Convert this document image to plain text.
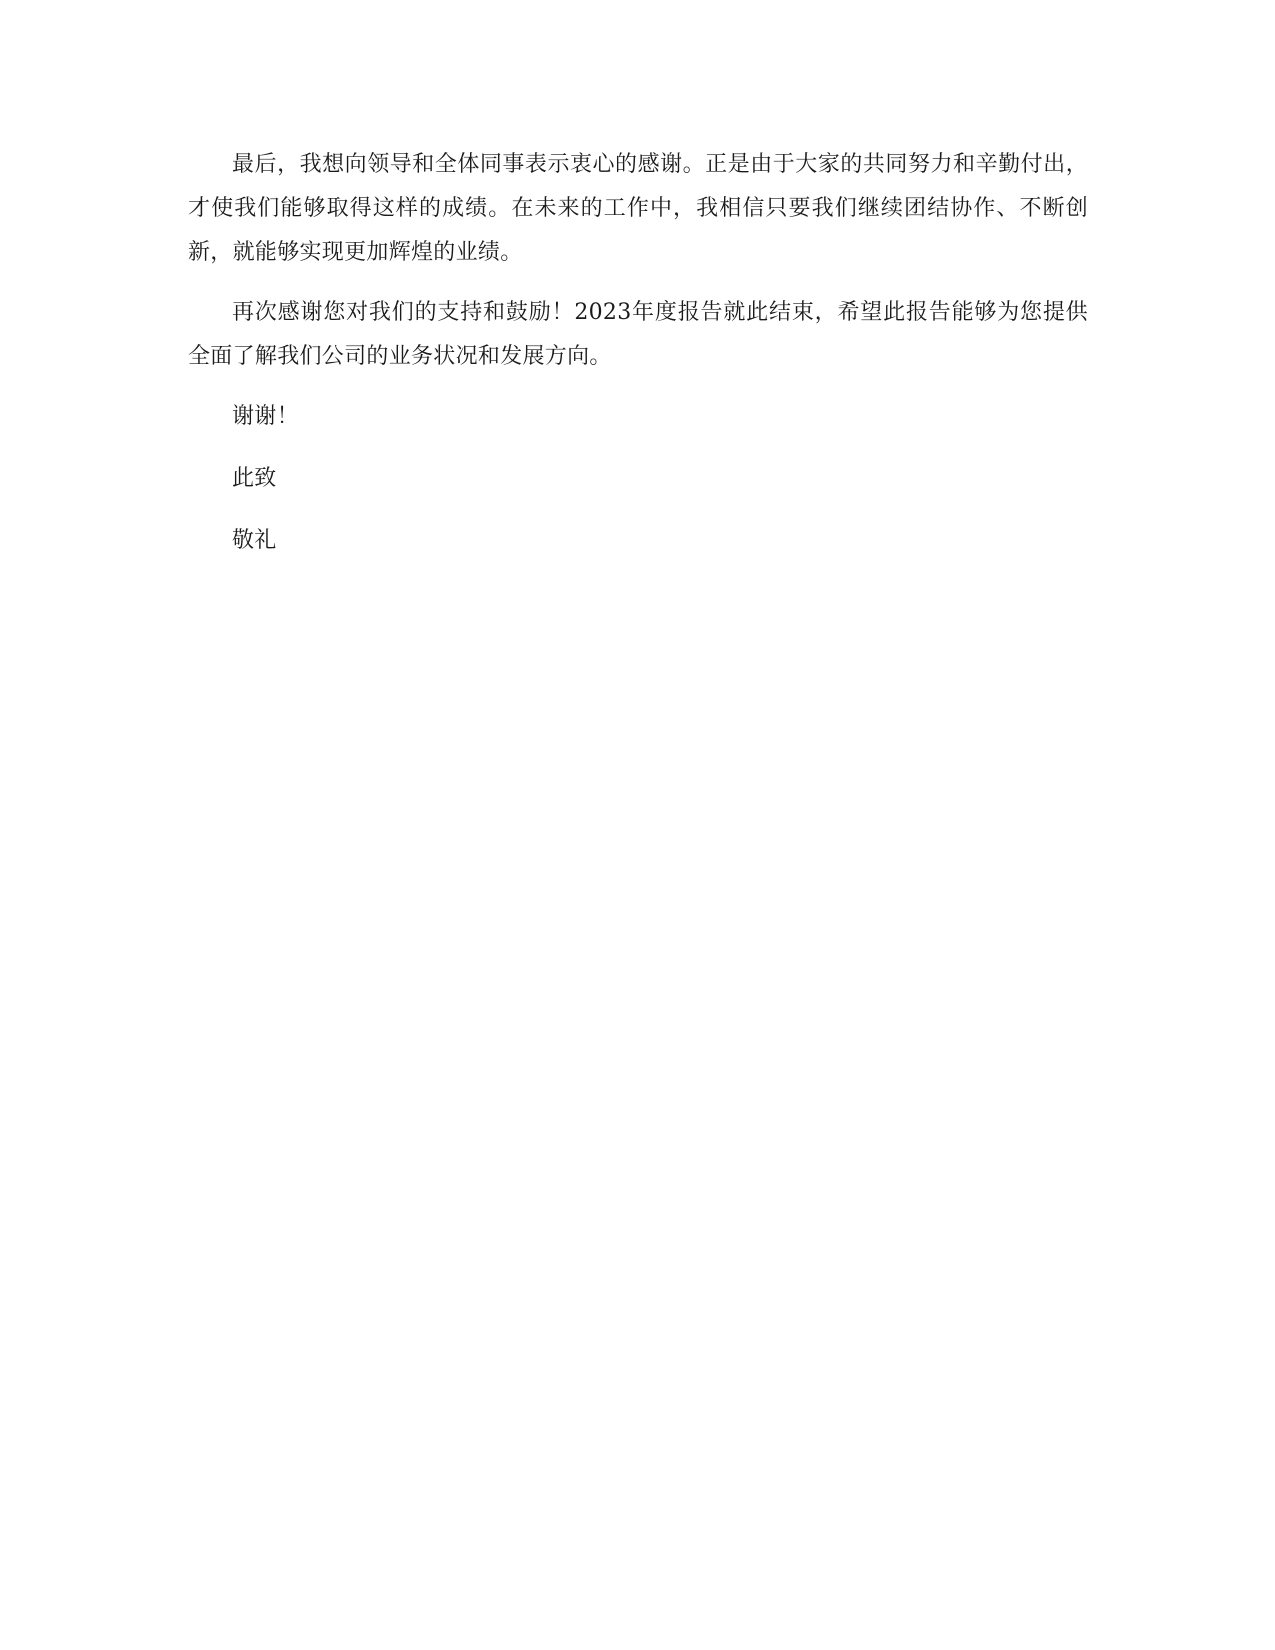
最后，我想向领导和全体同事表示衷心的感谢。正是由于大家的共同努力和辛勤付出，才使我们能够取得这样的成绩。在未来的工作中，我相信只要我们继续团结协作、不断创新，就能够实现更加辉煌的业绩。

再次感谢您对我们的支持和鼓励！2023年度报告就此结束，希望此报告能够为您提供全面了解我们公司的业务状况和发展方向。

谢谢！

此致

敬礼
